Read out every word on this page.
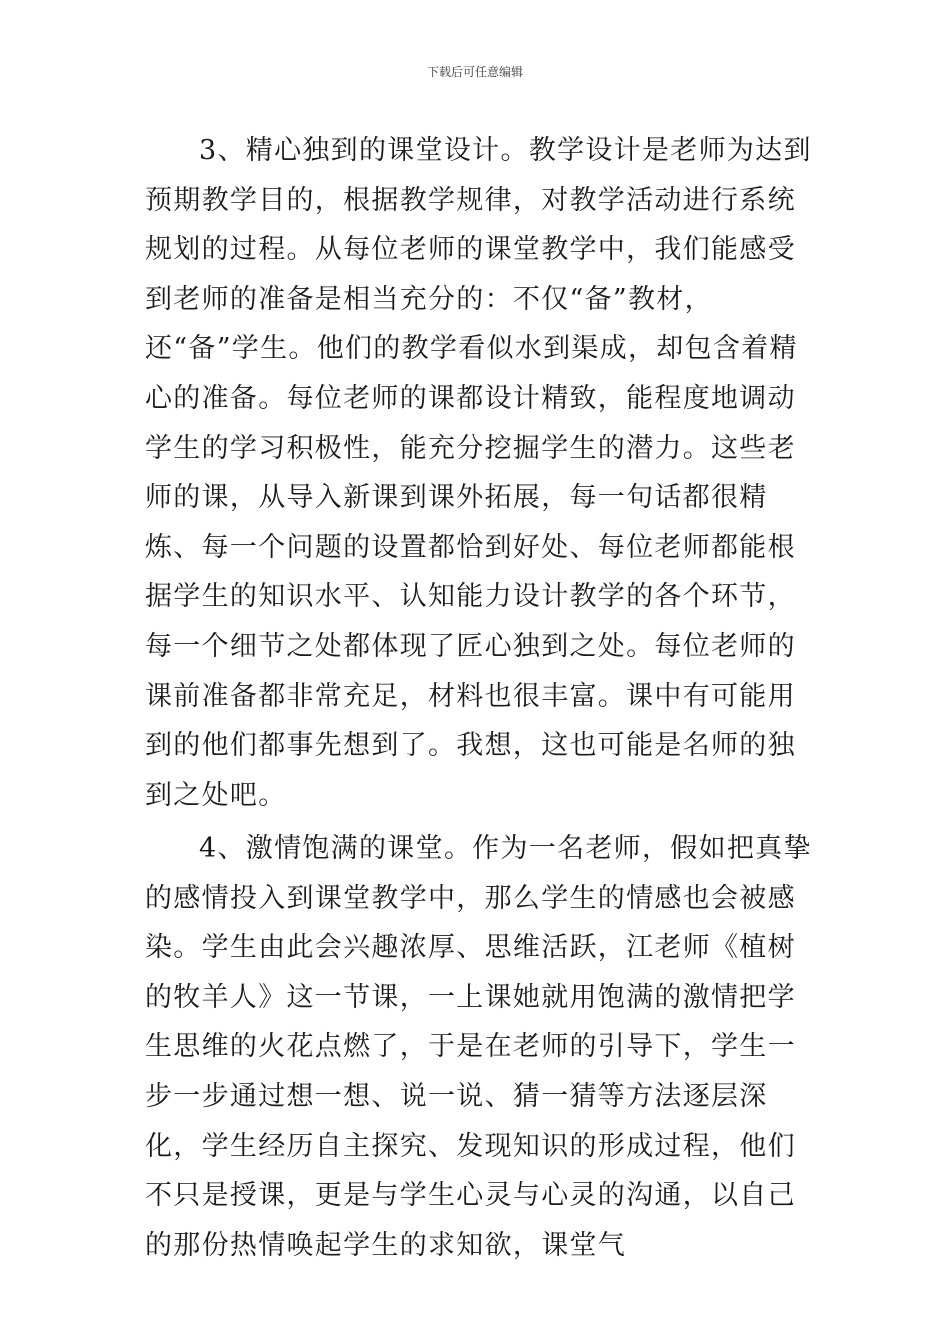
下载后可任意编辑

3、精心独到的课堂设计。教学设计是老师为达到预期教学目的，根据教学规律，对教学活动进行系统规划的过程。从每位老师的课堂教学中，我们能感受到老师的准备是相当充分的：不仅“备”教材，还“备”学生。他们的教学看似水到渠成，却包含着精心的准备。每位老师的课都设计精致，能程度地调动学生的学习积极性，能充分挖掘学生的潜力。这些老师的课，从导入新课到课外拓展，每一句话都很精炼、每一个问题的设置都恰到好处、每位老师都能根据学生的知识水平、认知能力设计教学的各个环节，每一个细节之处都体现了匠心独到之处。每位老师的课前准备都非常充足，材料也很丰富。课中有可能用到的他们都事先想到了。我想，这也可能是名师的独到之处吧。

4、激情饱满的课堂。作为一名老师，假如把真挚的感情投入到课堂教学中，那么学生的情感也会被感染。学生由此会兴趣浓厚、思维活跃，江老师《植树的牧羊人》这一节课，一上课她就用饱满的激情把学生思维的火花点燃了，于是在老师的引导下，学生一步一步通过想一想、说一说、猜一猜等方法逐层深化，学生经历自主探究、发现知识的形成过程，他们不只是授课，更是与学生心灵与心灵的沟通，以自己的那份热情唤起学生的求知欲，课堂气
